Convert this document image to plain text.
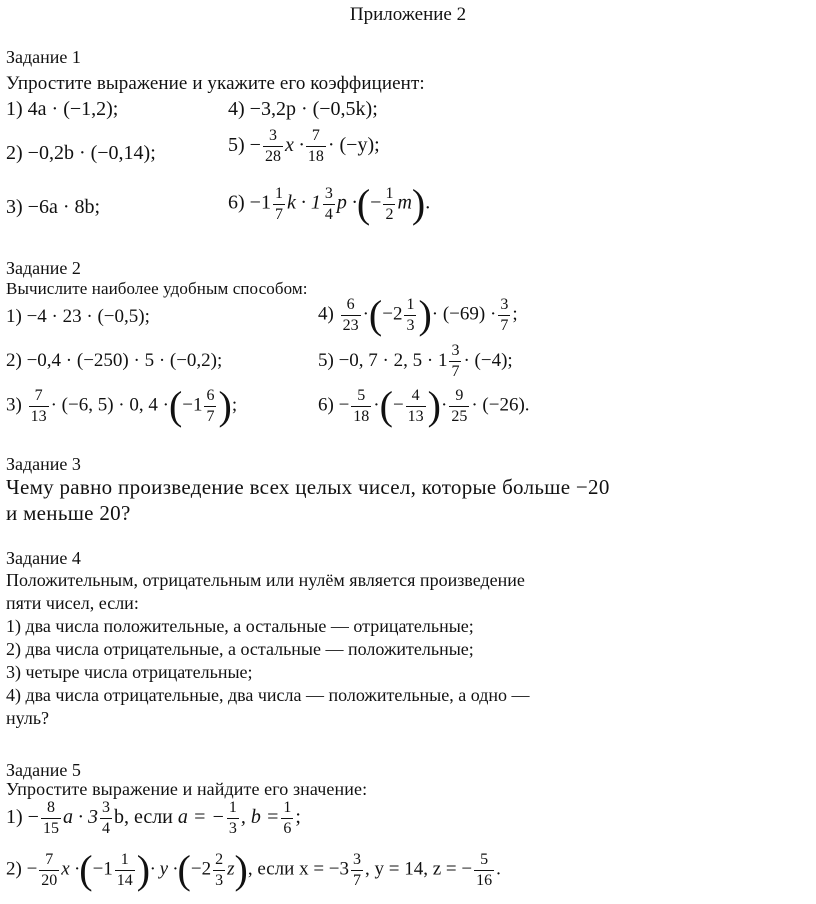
Приложение 2
Задание 1
Упростите выражение и укажите его коэффициент:
1) 4a · (−1,2);	4) −3,2p · (−0,5k);
2) −0,2b · (−0,14);	$5) - \frac{3}{28}$ $x \cdot \frac{7}{18} \cdot (-y)$;
3) −6a · 8b;	$6) -1 \frac{1}{7}$ $k \cdot 1 \frac{3}{4}$ p ·(− $\frac{1}{2} m$).
Задание 2
Вычислите наиболее удобным способом:
1) −4 · 23 · (−0,5);	$4) \frac{6}{23} \cdot(-2 \frac{1}{3}$ )· $(-69) \cdot \frac{3}{7}$ ;
2) −0,4 · (−250) · 5 · (−0,2);	5) −0, 7 · 2, $5 \cdot 1 \frac{3}{7} \cdot (-4)$;
$3) \frac{7}{13} \cdot (-6$, 5) · 0, $4 \cdot(-1 \frac{6}{7}$ );	$6) - \frac{5}{18}$ ·(− $\frac{4}{13}$ )· $\frac{9}{25} \cdot (-26)$.
Задание 3
Чему равно произведение всех целых чисел, которые больше −20
и меньше 20?
Задание 4
Положительным, отрицательным или нулём является произведение
пяти чисел, если:
1) два числа положительные, а остальные — отрицательные;
2) два числа отрицательные, а остальные — положительные;
3) четыре числа отрицательные;
4) два числа отрицательные, два числа — положительные, а одно —
нуль?
Задание 5
Упростите выражение и найдите его значение:
$1) - \frac{8}{15}$ $a \cdot 3 \frac{3}{4} b$, если a = − $\frac{1}{3}$ , $b = \frac{1}{6}$ ;
$2) - \frac{7}{20}$ $x \cdot(-1 \frac{1}{14}$ )· $y \cdot(-2 \frac{2}{3} z)$, если $x = -3 \frac{3}{7}$ , y = 14, z = − $\frac{5}{16}$ .
